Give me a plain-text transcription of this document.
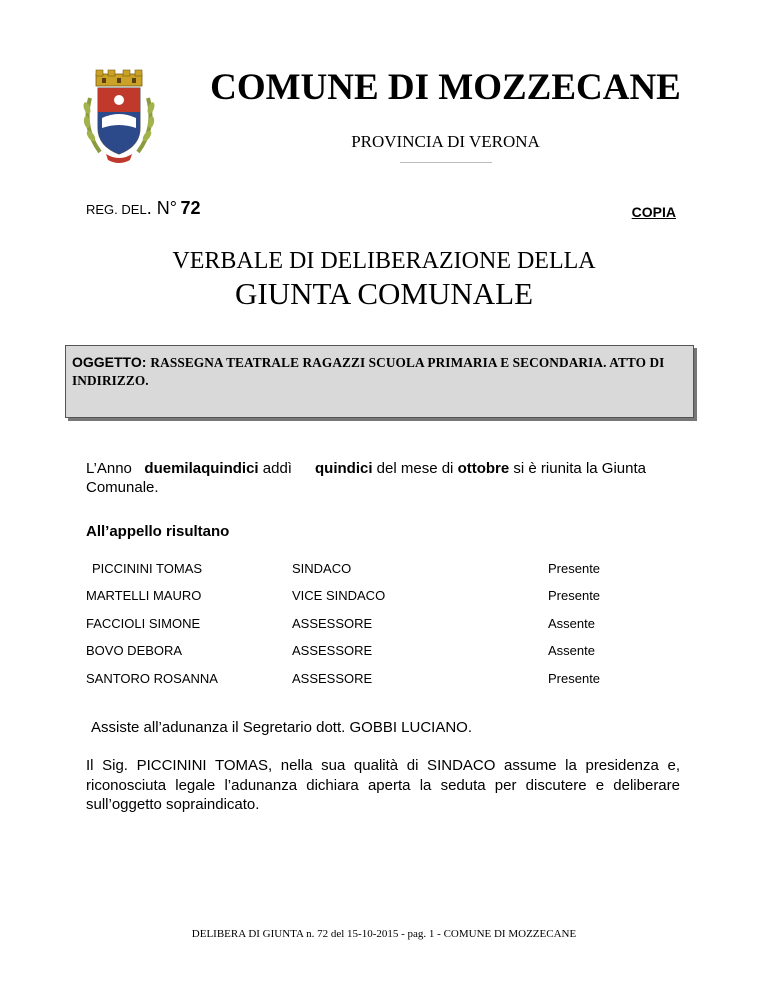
COMUNE DI MOZZECANE
PROVINCIA DI VERONA
REG. DEL. N° 72	COPIA
VERBALE DI DELIBERAZIONE DELLA
GIUNTA COMUNALE
OGGETTO: RASSEGNA TEATRALE RAGAZZI SCUOLA PRIMARIA E SECONDARIA. ATTO DI INDIRIZZO.
L’Anno duemilaquindici addì
Comunale.
quindici del mese di ottobre si è riunita la Giunta
All’appello risultano
PICCININI TOMAS	SINDACO	Presente
MARTELLI MAURO	VICE SINDACO	Presente
FACCIOLI SIMONE	ASSESSORE	Assente
BOVO DEBORA	ASSESSORE	Assente
SANTORO ROSANNA	ASSESSORE	Presente
Assiste all’adunanza il Segretario dott. GOBBI LUCIANO.
Il Sig. PICCININI TOMAS, nella sua qualità di SINDACO assume la presidenza e, riconosciuta legale l’adunanza dichiara aperta la seduta per discutere e deliberare sull’oggetto sopraindicato.
DELIBERA DI GIUNTA n. 72 del 15-10-2015 - pag. 1 - COMUNE DI MOZZECANE
